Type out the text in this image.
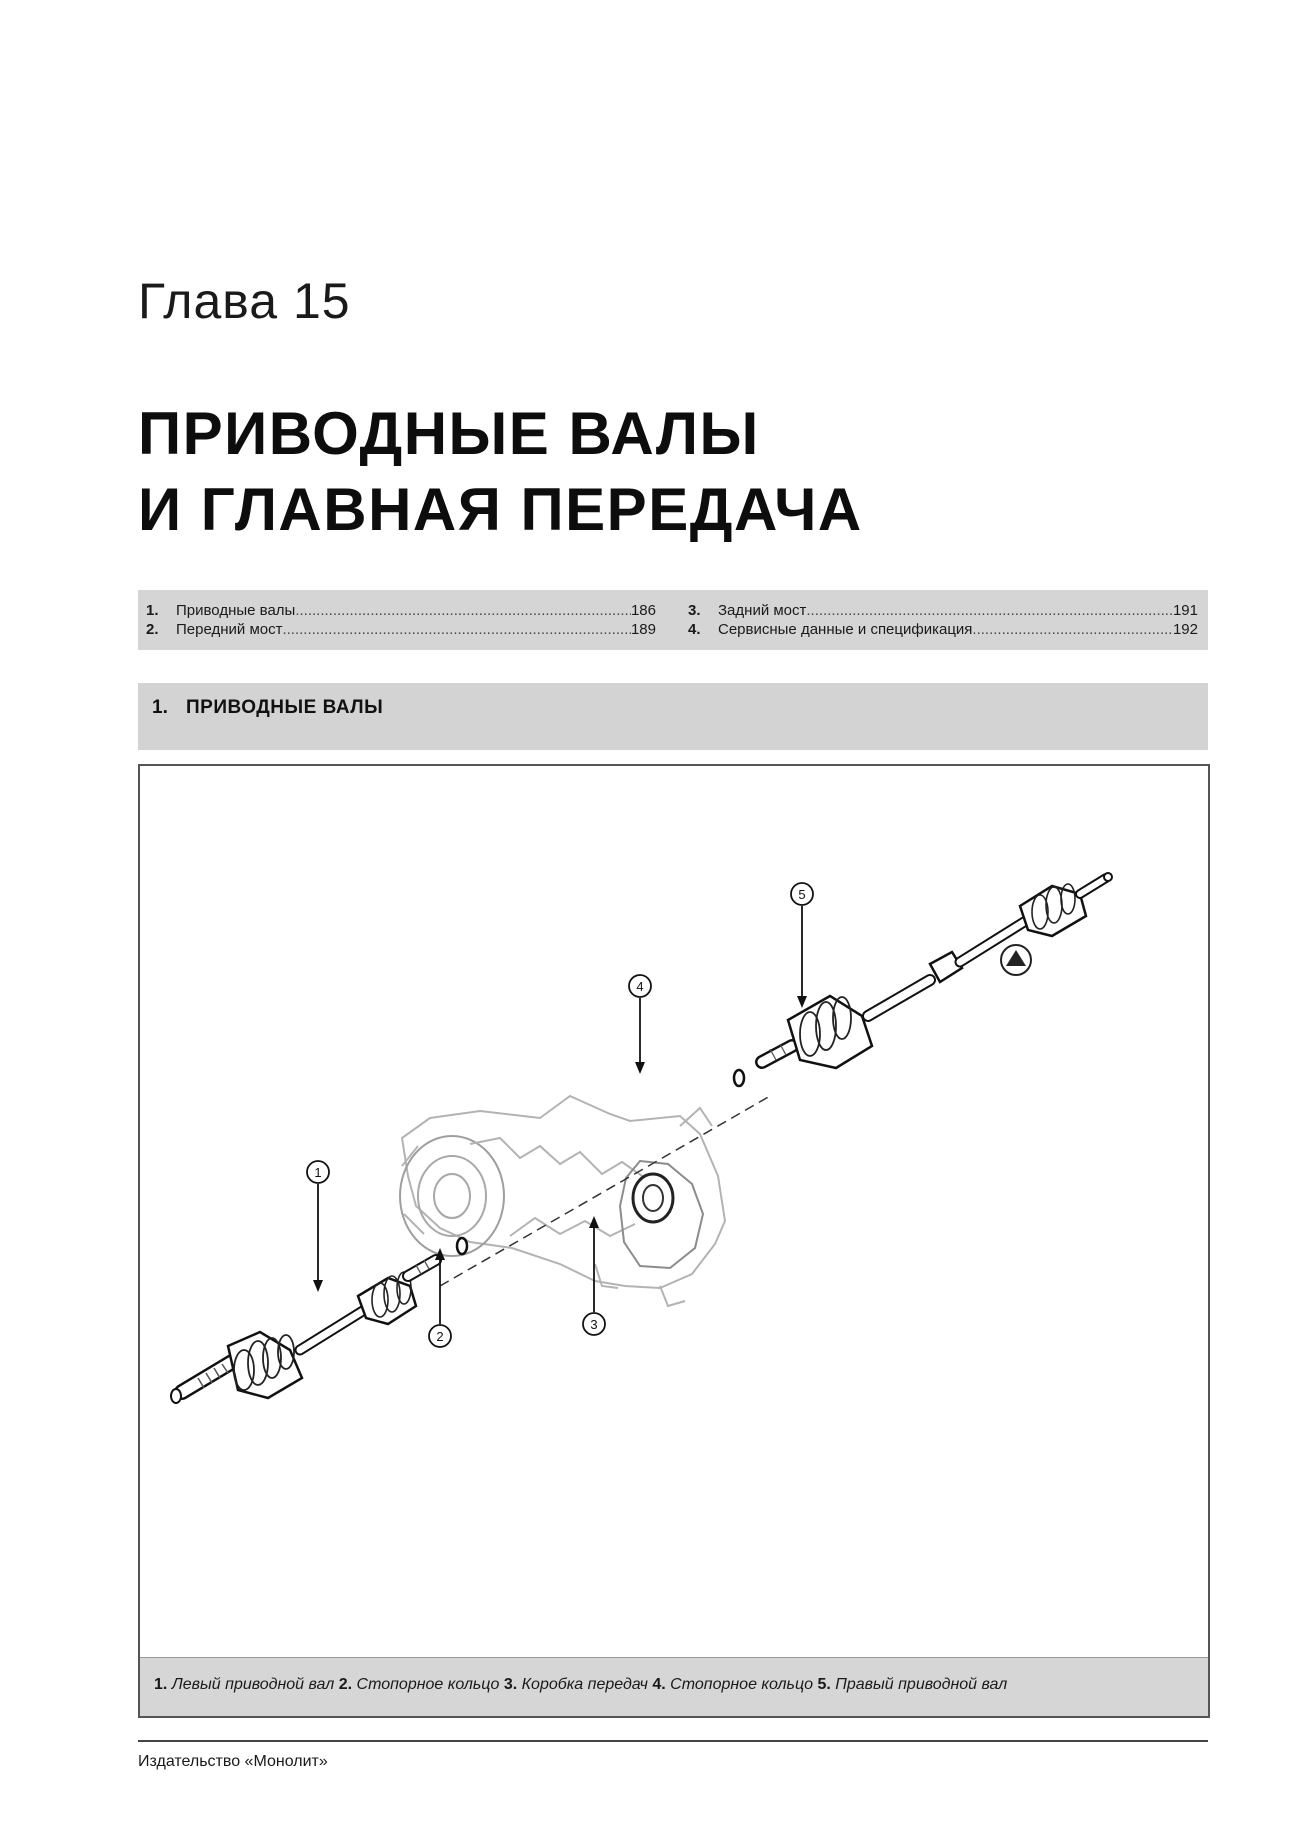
Глава 15
ПРИВОДНЫЕ ВАЛЫ
И ГЛАВНАЯ ПЕРЕДАЧА
1.	Приводные валы .....	186
2.	Передний мост .....	189
3.	Задний мост .....	191
4.	Сервисные данные и спецификация .....	192
1. ПРИВОДНЫЕ ВАЛЫ
1
2
3
4
5
1. Левый приводной вал 2. Стопорное кольцо 3. Коробка передач 4. Стопорное кольцо 5. Правый приводной вал
Издательство «Монолит»
